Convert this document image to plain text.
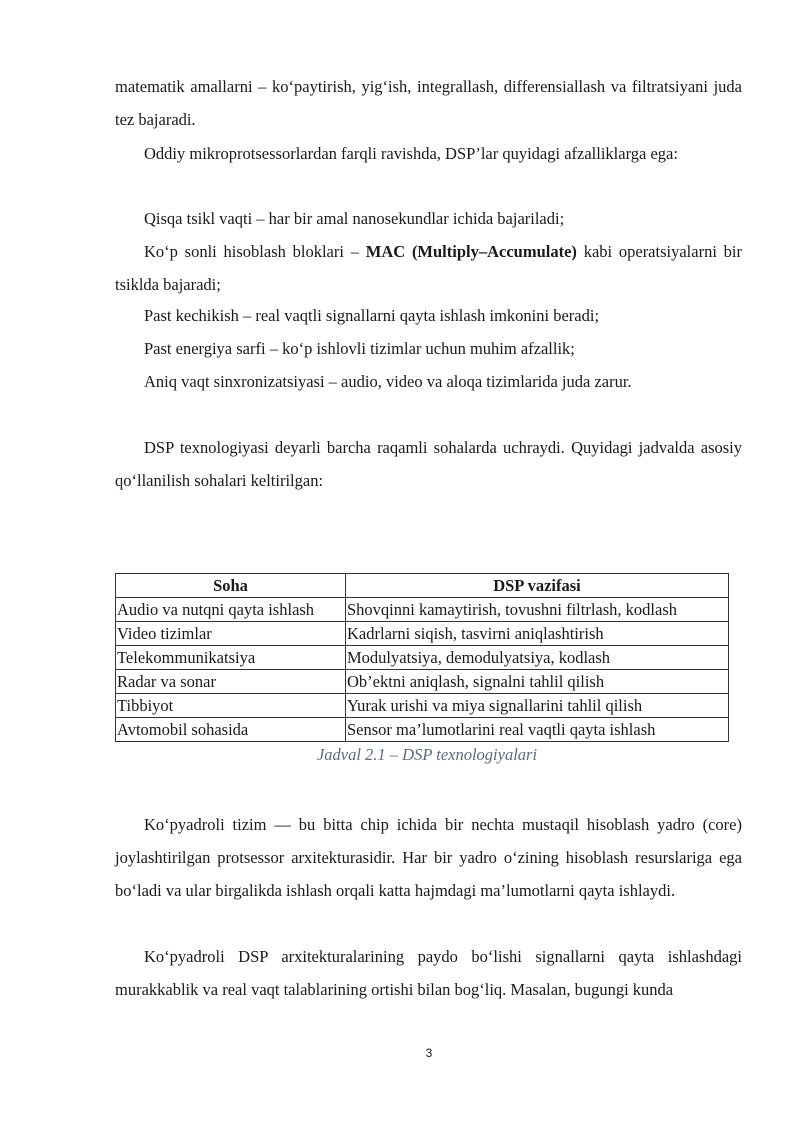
matematik amallarni – ko‘paytirish, yig‘ish, integrallash, differensiallash va filtratsiyani juda tez bajaradi.

Oddiy mikroprotsessorlardan farqli ravishda, DSP’lar quyidagi afzalliklarga ega:

Qisqa tsikl vaqti – har bir amal nanosekundlar ichida bajariladi;

Ko‘p sonli hisoblash bloklari – MAC (Multiply–Accumulate) kabi operatsiyalarni bir tsiklda bajaradi;

Past kechikish – real vaqtli signallarni qayta ishlash imkonini beradi;

Past energiya sarfi – ko‘p ishlovli tizimlar uchun muhim afzallik;

Aniq vaqt sinxronizatsiyasi – audio, video va aloqa tizimlarida juda zarur.

DSP texnologiyasi deyarli barcha raqamli sohalarda uchraydi. Quyidagi jadvalda asosiy qo‘llanilish sohalari keltirilgan:

Soha	DSP vazifasi
Audio va nutqni qayta ishlash	Shovqinni kamaytirish, tovushni filtrlash, kodlash
Video tizimlar	Kadrlarni siqish, tasvirni aniqlashtirish
Telekommunikatsiya	Modulyatsiya, demodulyatsiya, kodlash
Radar va sonar	Ob’ektni aniqlash, signalni tahlil qilish
Tibbiyot	Yurak urishi va miya signallarini tahlil qilish
Avtomobil sohasida	Sensor ma’lumotlarini real vaqtli qayta ishlash
Jadval 2.1 – DSP texnologiyalari

Ko‘pyadroli tizim — bu bitta chip ichida bir nechta mustaqil hisoblash yadro (core) joylashtirilgan protsessor arxitekturasidir. Har bir yadro o‘zining hisoblash resurslariga ega bo‘ladi va ular birgalikda ishlash orqali katta hajmdagi ma’lumotlarni qayta ishlaydi.

Ko‘pyadroli DSP arxitekturalarining paydo bo‘lishi signallarni qayta ishlashdagi murakkablik va real vaqt talablarining ortishi bilan bog‘liq. Masalan, bugungi kunda

3
